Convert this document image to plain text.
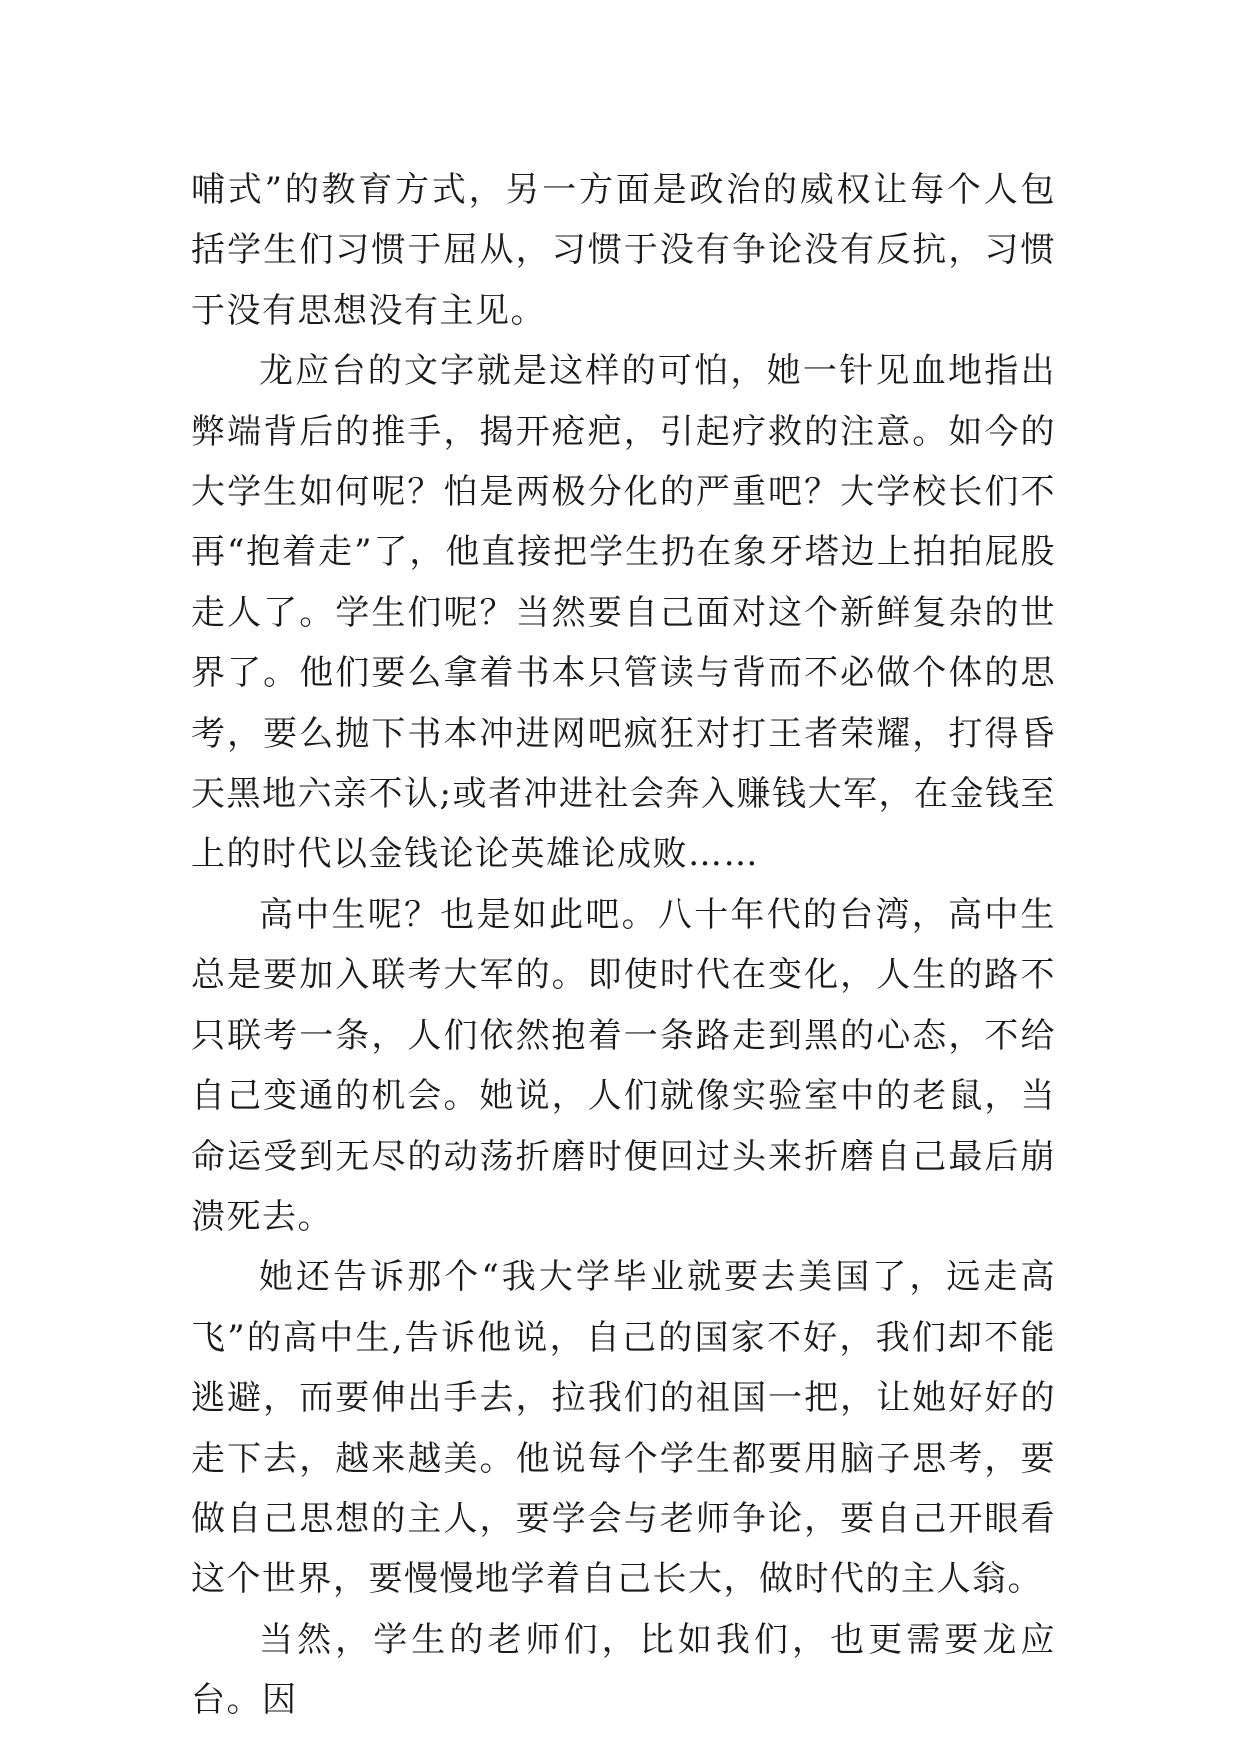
哺式”的教育方式，另一方面是政治的威权让每个人包括学生们习惯于屈从，习惯于没有争论没有反抗，习惯于没有思想没有主见。

龙应台的文字就是这样的可怕，她一针见血地指出弊端背后的推手，揭开疮疤，引起疗救的注意。如今的大学生如何呢？怕是两极分化的严重吧？大学校长们不再“抱着走”了，他直接把学生扔在象牙塔边上拍拍屁股走人了。学生们呢？当然要自己面对这个新鲜复杂的世界了。他们要么拿着书本只管读与背而不必做个体的思考，要么抛下书本冲进网吧疯狂对打王者荣耀，打得昏天黑地六亲不认;或者冲进社会奔入赚钱大军，在金钱至上的时代以金钱论论英雄论成败……

高中生呢？也是如此吧。八十年代的台湾，高中生总是要加入联考大军的。即使时代在变化，人生的路不只联考一条，人们依然抱着一条路走到黑的心态，不给自己变通的机会。她说，人们就像实验室中的老鼠，当命运受到无尽的动荡折磨时便回过头来折磨自己最后崩溃死去。

她还告诉那个“我大学毕业就要去美国了，远走高飞”的高中生,告诉他说，自己的国家不好，我们却不能逃避，而要伸出手去，拉我们的祖国一把，让她好好的走下去，越来越美。他说每个学生都要用脑子思考，要做自己思想的主人，要学会与老师争论，要自己开眼看这个世界，要慢慢地学着自己长大，做时代的主人翁。

当然，学生的老师们，比如我们，也更需要龙应台。因
